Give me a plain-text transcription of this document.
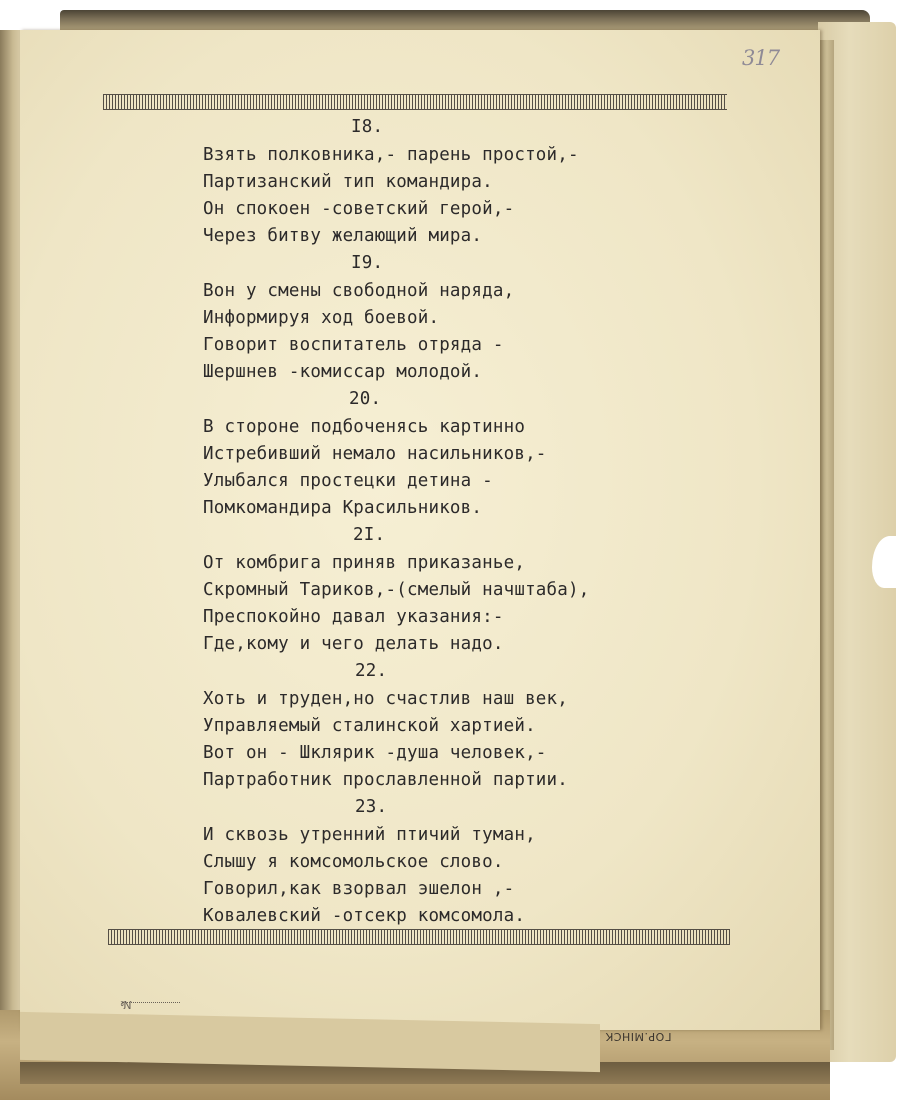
317
I8.
Взять полковника,- парень простой,-
Партизанский тип командира.
Он спокоен -советский герой,-
Через битву желающий мира.
I9.
Вон у смены свободной наряда,
Информируя ход боевой.
Говорит воспитатель отряда -
Шершнев -комиссар молодой.
20.
В стороне подбоченясь картинно
Истребивший немало насильников,-
Улыбался простецки детина -
Помкомандира Красильников.
2I.
От комбрига приняв приказанье,
Скромный Тариков,-(смелый начштаба),
Преспокойно давал указания:-
Где,кому и чего делать надо.
22.
Хоть и труден,но счастлив наш век,
Управляемый сталинской хартией.
Вот он - Шклярик -душа человек,-
Партработник прославленной партии.
23.
И сквозь утренний птичий туман,
Слышу я комсомольское слово.
Говорил,как взорвал эшелон ,-
Ковалевский -отсекр комсомола.
№
ГОР.МІНСК
